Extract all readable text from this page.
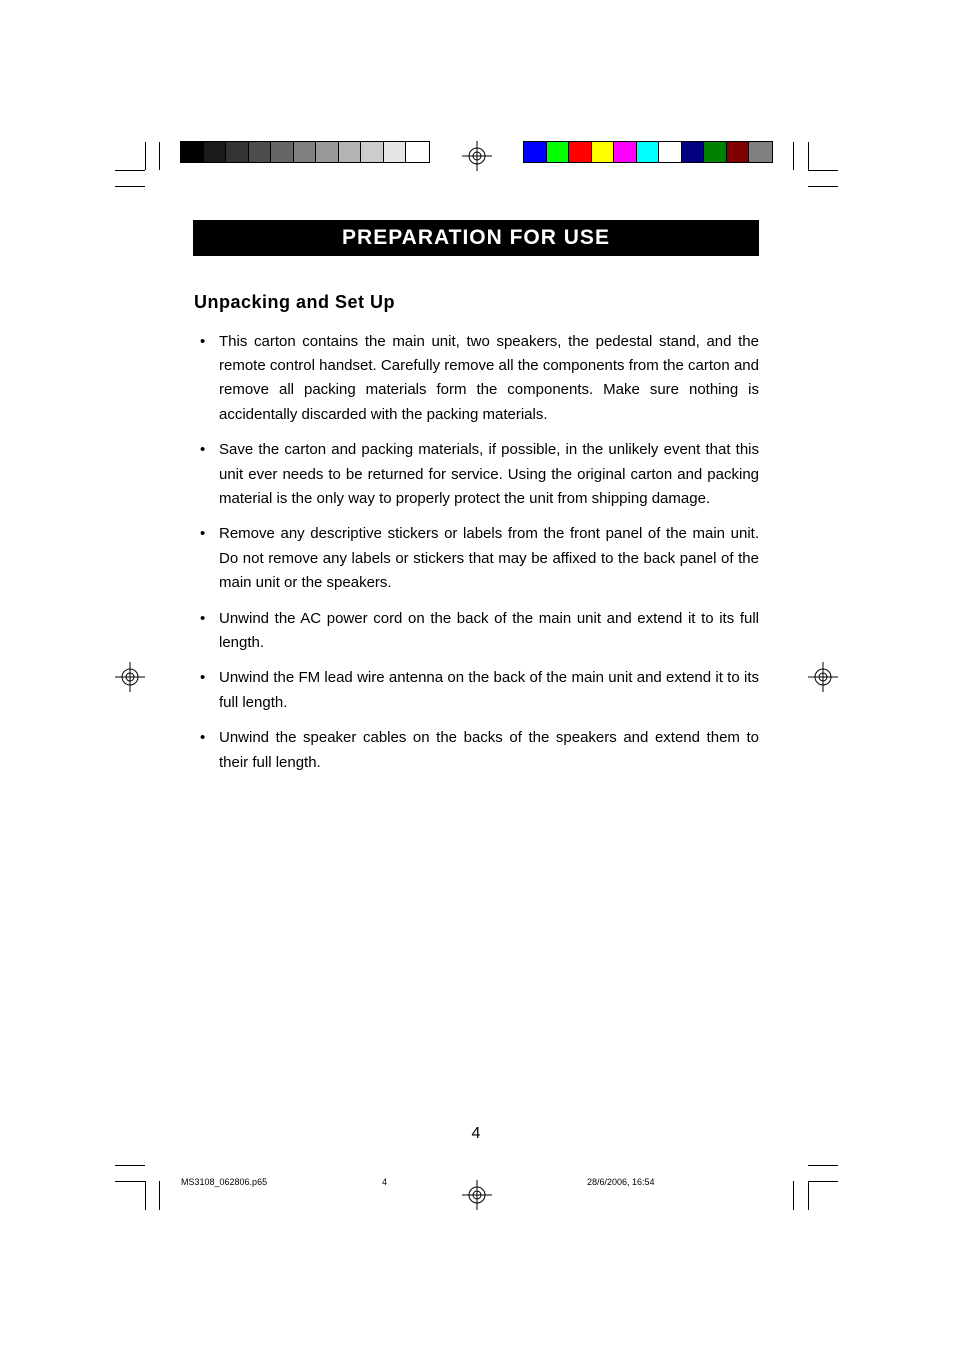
PREPARATION FOR USE
Unpacking and Set Up
• This carton contains the main unit, two speakers, the pedestal stand, and the remote control handset. Carefully remove all the components from the carton and remove all packing materials form the components. Make sure nothing is accidentally discarded with the packing materials.
• Save the carton and packing materials, if possible, in the unlikely event that this unit ever needs to be returned for service. Using the original carton and packing material is the only way to properly protect the unit from shipping damage.
• Remove any descriptive stickers or labels from the front panel of the main unit. Do not remove any labels or stickers that may be affixed to the back panel of the main unit or the speakers.
• Unwind the AC power cord on the back of the main unit and extend it to its full length.
• Unwind the FM lead wire antenna on the back of the main unit and extend it to its full length.
• Unwind the speaker cables on the backs of the speakers and extend them to their full length.
4
MS3108_062806.p65	4	28/6/2006, 16:54
